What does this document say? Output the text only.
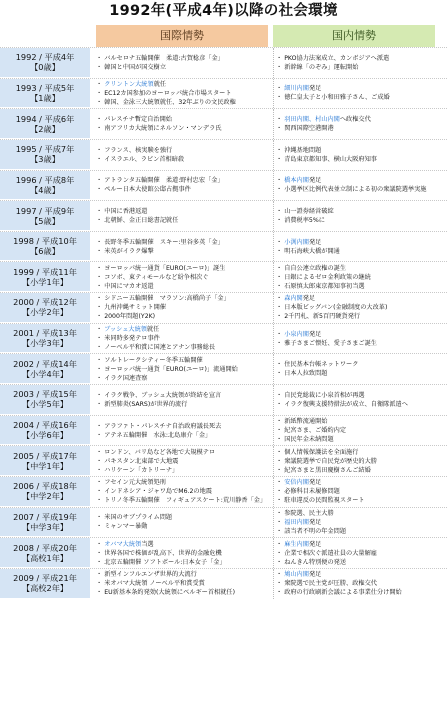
1992年(平成4年)以降の社会環境
国際情勢	国内情勢
1992 / 平成4年
【0歳】
・ バルセロナ五輪開催　柔道:古賀稔彦「金」
・ 韓国と中国が国交樹立
・ PKO協力法案成立、カンボジアへ派遣
・ 新幹線「のぞみ」運転開始
1993 / 平成5年
【1歳】
・ クリントン大統領就任
・ EC12カ国参加のヨーロッパ統合市場スタート
・ 韓国、金泳三大統領就任、32年ぶりの文民政権
・ 細川内閣発足
・ 徳仁皇太子と小和田雅子さん、ご成婚
1994 / 平成6年
【2歳】
・ パレスチナ暫定自治開始
・ 南アフリカ大統領にネルソン・マンデラ氏
・ 羽田内閣、村山内閣へ政権交代
・ 関西国際空港開港
1995 / 平成7年
【3歳】
・ フランス、核実験を強行
・ イスラエル、ラビン首相暗殺
・ 沖縄基地問題
・ 青島東京都知事、横山大阪府知事
1996 / 平成8年
【4歳】
・ アトランタ五輪開催　柔道:野村忠宏「金」
・ ペルー日本大使館公邸占拠事件
・ 橋本内閣発足
・ 小選挙区比例代表並立制による初の衆議院選挙実施
1997 / 平成9年
【5歳】
・ 中国に香港返還
・ 北朝鮮、金正日総書記就任
・ 山一證券経営破綻
・ 消費税率5%に
1998 / 平成10年
【6歳】
・ 長野冬季五輪開催　スキー:里谷多英「金」
・ 米英がイラク爆撃
・ 小渕内閣発足
・ 明石海峡大橋が開通
1999 / 平成11年
【小学1年】
・ ヨーロッパ統一通貨「EURO(ユーロ)」誕生
・ コソボ、東ティモールなど紛争相次ぐ
・ 中国にマカオ返還
・ 自自公連立政権の誕生
・ 日銀によるゼロ金利政策の継続
・ 石原慎太郎東京都知事初当選
2000 / 平成12年
【小学2年】
・ シドニー五輪開催　マラソン:高橋尚子「金」
・ 九州沖縄サミット開催
・ 2000年問題(Y2K)
・ 森内閣発足
・ 日本版ビッグバン(金融制度の大改革)
・ 2千円札、新5百円硬貨発行
2001 / 平成13年
【小学3年】
・ ブッシュ大統領就任
・ 米同時多発テロ事件
・ ノーベル平和賞に国連とアナン事務総長
・ 小泉内閣発足
・ 雅子さまご懐妊、愛子さまご誕生
2002 / 平成14年
【小学4年】
・ ソルトレークシティー冬季五輪開催
・ ヨーロッパ統一通貨「EURO(ユーロ)」流通開始
・ イラク国連査察
・ 住民基本台帳ネットワーク
・ 日本人拉致問題
2003 / 平成15年
【小学5年】
・ イラク戦争、ブッシュ大統領が終結を宣言
・ 新型肺炎(SARS)が世界的流行
・ 自民党総裁に小泉首相が再選
・ イラク復興支援特措法が成立、自衛隊派遣へ
2004 / 平成16年
【小学6年】
・ アラファト・パレスチナ自治政府議長死去
・ アテネ五輪開催　水泳:北島康介「金」
・ 新紙幣流通開始
・ 紀宮さま、ご婚約内定
・ 国民年金未納問題
2005 / 平成17年
【中学1年】
・ ロンドン、バリ島など各地で大規模テロ
・ パキスタン北東部で大地震
・ ハリケーン「カトリーナ」
・ 個人情報保護法を全面施行
・ 衆議院選挙で自民党が歴史的大勝
・ 紀宮さまと黒田慶樹さんご結婚
2006 / 平成18年
【中学2年】
・ フセイン元大統領処刑
・ インドネシア・ジャワ島でM6.2の地震
・ トリノ冬季五輪開催　フィギュアスケート:荒川静香「金」
・ 安倍内閣発足
・ 必修科目未履修問題
・ 駐車違反の民間監視スタート
2007 / 平成19年
【中学3年】
・ 米国のサブプライム問題
・ ミャンマー暴動
・ 参院選、民主大勝
・ 福田内閣発足
・ 該当者不明の年金問題
2008 / 平成20年
【高校1年】
・ オバマ大統領当選
・ 世界各国で株価が乱高下、世界的金融危機
・ 北京五輪開催 ソフトボール:日本女子「金」
・ 麻生内閣発足
・ 企業で相次ぐ派遣社員の大量解雇
・ ねんきん特別便の発送
2009 / 平成21年
【高校2年】
・ 新型インフルエンザ世界的大流行
・ 米オバマ大統領 ノーベル平和賞受賞
・ EU新基本条約発効(大統領にベルギー首相就任)
・ 鳩山内閣発足
・ 衆院選で民主党が圧勝、政権交代
・ 政府の行政刷新会議による事業仕分け開始
